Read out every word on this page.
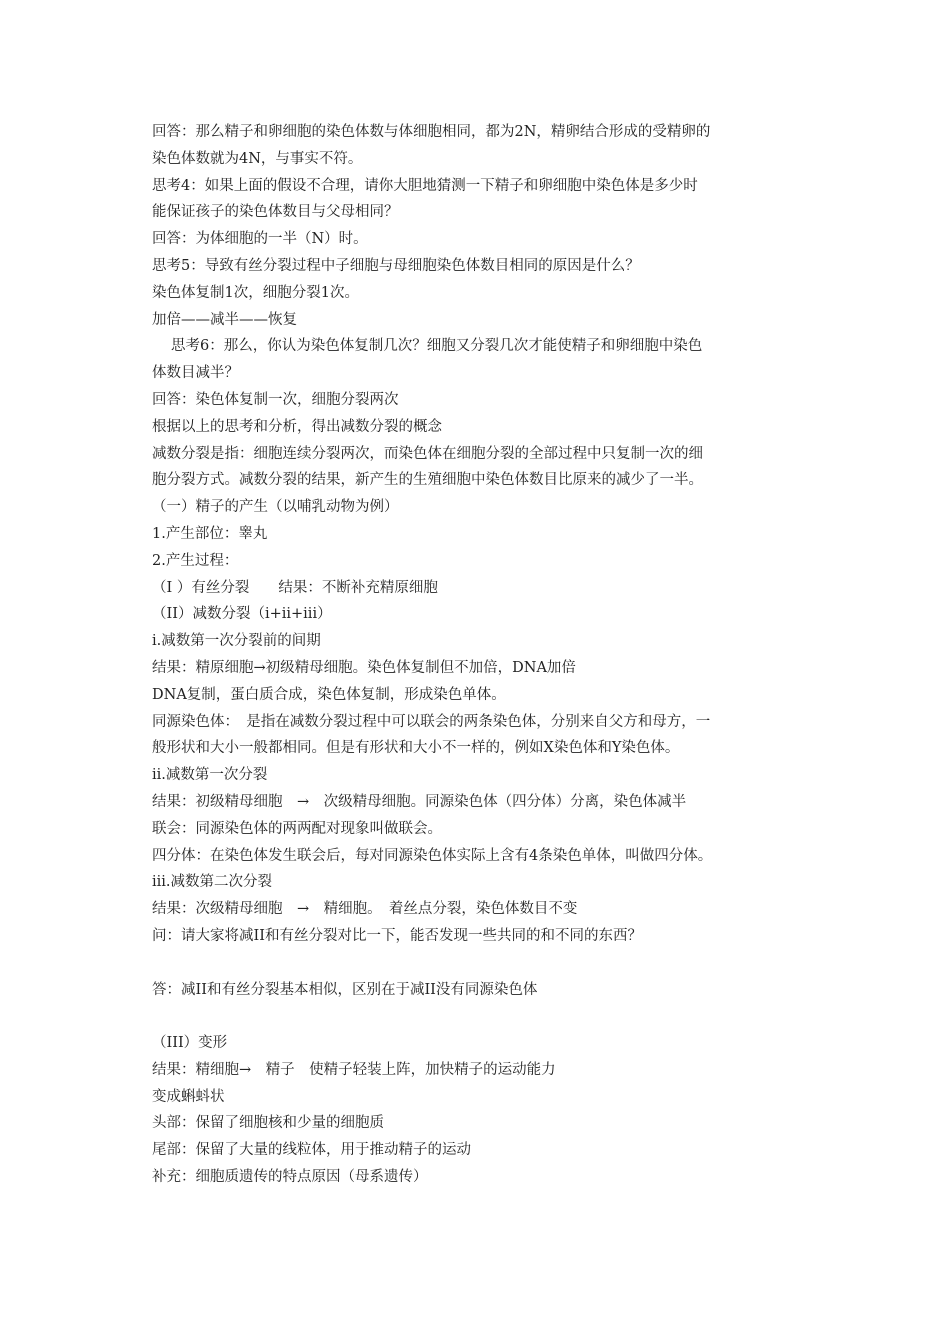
回答：那么精子和卵细胞的染色体数与体细胞相同，都为2N，精卵结合形成的受精卵的
染色体数就为4N，与事实不符。
思考4：如果上面的假设不合理，请你大胆地猜测一下精子和卵细胞中染色体是多少时
能保证孩子的染色体数目与父母相同？
回答：为体细胞的一半（N）时。
思考5：导致有丝分裂过程中子细胞与母细胞染色体数目相同的原因是什么？
染色体复制1次，细胞分裂1次。
加倍——减半——恢复
思考6：那么，你认为染色体复制几次？细胞又分裂几次才能使精子和卵细胞中染色
体数目减半？
回答：染色体复制一次，细胞分裂两次
根据以上的思考和分析，得出减数分裂的概念
减数分裂是指：细胞连续分裂两次，而染色体在细胞分裂的全部过程中只复制一次的细
胞分裂方式。减数分裂的结果，新产生的生殖细胞中染色体数目比原来的减少了一半。
（一）精子的产生（以哺乳动物为例）
1.产生部位：睾丸
2.产生过程：
（I ）有丝分裂　　结果：不断补充精原细胞
（II）减数分裂（i+ii+iii）
i.减数第一次分裂前的间期
结果：精原细胞→初级精母细胞。染色体复制但不加倍，DNA加倍
DNA复制，蛋白质合成，染色体复制，形成染色单体。
同源染色体：　是指在减数分裂过程中可以联会的两条染色体，分别来自父方和母方，一
般形状和大小一般都相同。但是有形状和大小不一样的，例如X染色体和Y染色体。
ii.减数第一次分裂
结果：初级精母细胞　→　次级精母细胞。同源染色体（四分体）分离，染色体减半
联会：同源染色体的两两配对现象叫做联会。
四分体：在染色体发生联会后，每对同源染色体实际上含有4条染色单体，叫做四分体。
iii.减数第二次分裂
结果：次级精母细胞　→　精细胞。　着丝点分裂，染色体数目不变
问：请大家将减II和有丝分裂对比一下，能否发现一些共同的和不同的东西？
答：减II和有丝分裂基本相似，区别在于减II没有同源染色体
（III）变形
结果：精细胞→　精子　使精子轻装上阵，加快精子的运动能力
变成蝌蚪状
头部：保留了细胞核和少量的细胞质
尾部：保留了大量的线粒体，用于推动精子的运动
补充：细胞质遗传的特点原因（母系遗传）
